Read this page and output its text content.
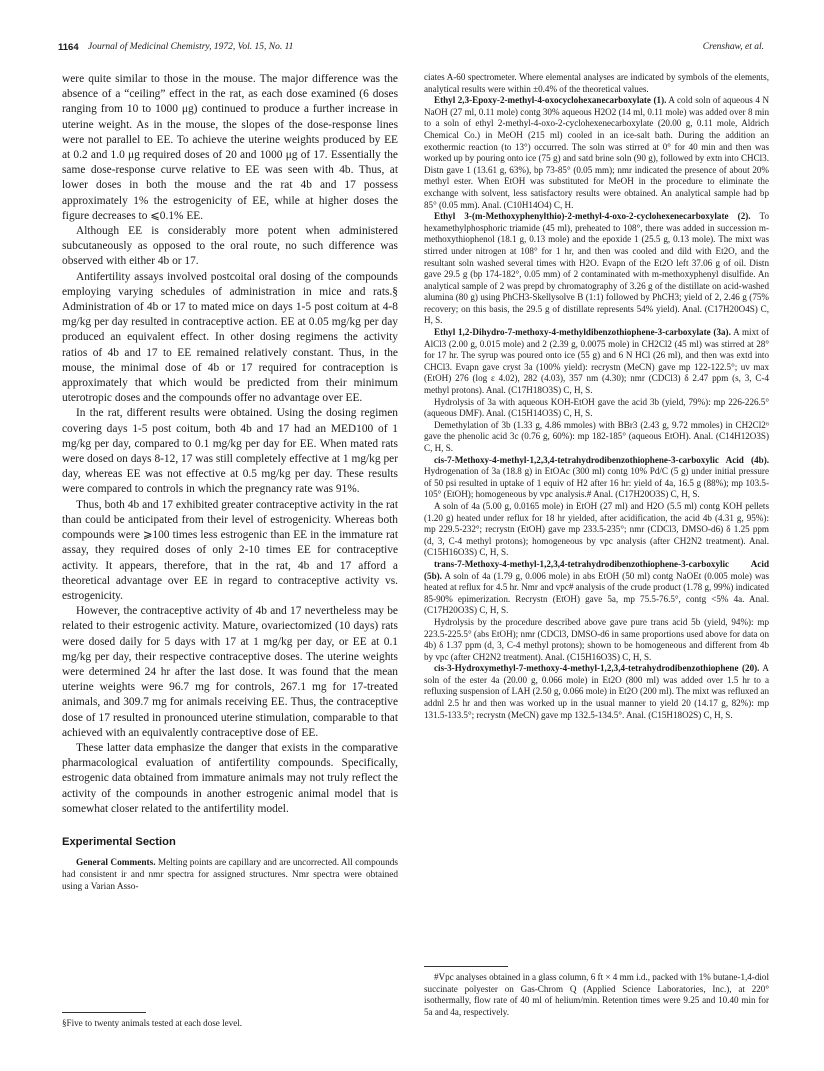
1164 Journal of Medicinal Chemistry, 1972, Vol. 15, No. 11	Crenshaw, et al.

were quite similar to those in the mouse. The major difference was the absence of a “ceiling” effect in the rat, as each dose examined (6 doses ranging from 10 to 1000 μg) continued to produce a further increase in uterine weight. As in the mouse, the slopes of the dose-response lines were not parallel to EE. To achieve the uterine weights produced by EE at 0.2 and 1.0 μg required doses of 20 and 1000 μg of 17. Essentially the same dose-response curve relative to EE was seen with 4b. Thus, at lower doses in both the mouse and the rat 4b and 17 possess approximately 1% the estrogenicity of EE, while at higher doses the figure decreases to ⩽0.1% EE.

Although EE is considerably more potent when administered subcutaneously as opposed to the oral route, no such difference was observed with either 4b or 17.

Antifertility assays involved postcoital oral dosing of the compounds employing varying schedules of administration in mice and rats.§ Administration of 4b or 17 to mated mice on days 1-5 post coitum at 4-8 mg/kg per day resulted in contraceptive action. EE at 0.05 mg/kg per day produced an equivalent effect. In other dosing regimens the activity ratios of 4b and 17 to EE remained relatively constant. Thus, in the mouse, the minimal dose of 4b or 17 required for contraception is approximately that which would be predicted from their minimum uterotropic doses and the compounds offer no advantage over EE.

In the rat, different results were obtained. Using the dosing regimen covering days 1-5 post coitum, both 4b and 17 had an MED100 of 1 mg/kg per day, compared to 0.1 mg/kg per day for EE. When mated rats were dosed on days 8-12, 17 was still completely effective at 1 mg/kg per day, whereas EE was not effective at 0.5 mg/kg per day. These results were compared to controls in which the pregnancy rate was 91%.

Thus, both 4b and 17 exhibited greater contraceptive activity in the rat than could be anticipated from their level of estrogenicity. Whereas both compounds were ⩾100 times less estrogenic than EE in the immature rat assay, they required doses of only 2-10 times EE for contraceptive activity. It appears, therefore, that in the rat, 4b and 17 afford a theoretical advantage over EE in regard to contraceptive activity vs. estrogenicity.

However, the contraceptive activity of 4b and 17 nevertheless may be related to their estrogenic activity. Mature, ovariectomized (10 days) rats were dosed daily for 5 days with 17 at 1 mg/kg per day, or EE at 0.1 mg/kg per day, their respective contraceptive doses. The uterine weights were determined 24 hr after the last dose. It was found that the mean uterine weights were 96.7 mg for controls, 267.1 mg for 17-treated animals, and 309.7 mg for animals receiving EE. Thus, the contraceptive dose of 17 resulted in pronounced uterine stimulation, comparable to that achieved with an equivalently contraceptive dose of EE.

These latter data emphasize the danger that exists in the comparative pharmacological evaluation of antifertility compounds. Specifically, estrogenic data obtained from immature animals may not truly reflect the activity of the compounds in another estrogenic animal model that is somewhat closer related to the antifertility model.

Experimental Section

General Comments. Melting points are capillary and are uncorrected. All compounds had consistent ir and nmr spectra for assigned structures. Nmr spectra were obtained using a Varian Asso-

ciates A-60 spectrometer. Where elemental analyses are indicated by symbols of the elements, analytical results were within ±0.4% of the theoretical values.

Ethyl 2,3-Epoxy-2-methyl-4-oxocyclohexanecarboxylate (1). A cold soln of aqueous 4 N NaOH (27 ml, 0.11 mole) contg 30% aqueous H2O2 (14 ml, 0.11 mole) was added over 8 min to a soln of ethyl 2-methyl-4-oxo-2-cyclohexenecarboxylate (20.00 g, 0.11 mole, Aldrich Chemical Co.) in MeOH (215 ml) cooled in an ice-salt bath. During the addition an exothermic reaction (to 13°) occurred. The soln was stirred at 0° for 40 min and then was worked up by pouring onto ice (75 g) and satd brine soln (90 g), followed by extn into CHCl3. Distn gave 1 (13.61 g, 63%), bp 73-85° (0.05 mm); nmr indicated the presence of about 20% methyl ester. When EtOH was substituted for MeOH in the procedure to eliminate the exchange with solvent, less satisfactory results were obtained. An analytical sample had bp 85° (0.05 mm). Anal. (C10H14O4) C, H.

Ethyl 3-(m-Methoxyphenylthio)-2-methyl-4-oxo-2-cyclohexenecarboxylate (2). To hexamethylphosphoric triamide (45 ml), preheated to 108°, there was added in succession m-methoxythiophenol (18.1 g, 0.13 mole) and the epoxide 1 (25.5 g, 0.13 mole). The mixt was stirred under nitrogen at 108° for 1 hr, and then was cooled and dild with Et2O, and the resultant soln washed several times with H2O. Evapn of the Et2O left 37.06 g of oil. Distn gave 29.5 g (bp 174-182°, 0.05 mm) of 2 contaminated with m-methoxyphenyl disulfide. An analytical sample of 2 was prepd by chromatography of 3.26 g of the distillate on acid-washed alumina (80 g) using PhCH3-Skellysolve B (1:1) followed by PhCH3; yield of 2, 2.46 g (75% recovery; on this basis, the 29.5 g of distillate represents 54% yield). Anal. (C17H20O4S) C, H, S.

Ethyl 1,2-Dihydro-7-methoxy-4-methyldibenzothiophene-3-carboxylate (3a). A mixt of AlCl3 (2.00 g, 0.015 mole) and 2 (2.39 g, 0.0075 mole) in CH2Cl2 (45 ml) was stirred at 28° for 17 hr. The syrup was poured onto ice (55 g) and 6 N HCl (26 ml), and then was extd into CHCl3. Evapn gave cryst 3a (100% yield): recrystn (MeCN) gave mp 122-122.5°; uv max (EtOH) 276 (log ε 4.02), 282 (4.03), 357 nm (4.30); nmr (CDCl3) δ 2.47 ppm (s, 3, C-4 methyl protons). Anal. (C17H18O3S) C, H, S.

Hydrolysis of 3a with aqueous KOH-EtOH gave the acid 3b (yield, 79%): mp 226-226.5° (aqueous DMF). Anal. (C15H14O3S) C, H, S.

Demethylation of 3b (1.33 g, 4.86 mmoles) with BBr3 (2.43 g, 9.72 mmoles) in CH2Cl2⁶ gave the phenolic acid 3c (0.76 g, 60%): mp 182-185° (aqueous EtOH). Anal. (C14H12O3S) C, H, S.

cis-7-Methoxy-4-methyl-1,2,3,4-tetrahydrodibenzothiophene-3-carboxylic Acid (4b). Hydrogenation of 3a (18.8 g) in EtOAc (300 ml) contg 10% Pd/C (5 g) under initial pressure of 50 psi resulted in uptake of 1 equiv of H2 after 16 hr: yield of 4a, 16.5 g (88%); mp 103.5-105° (EtOH); homogeneous by vpc analysis.# Anal. (C17H20O3S) C, H, S.

A soln of 4a (5.00 g, 0.0165 mole) in EtOH (27 ml) and H2O (5.5 ml) contg KOH pellets (1.20 g) heated under reflux for 18 hr yielded, after acidification, the acid 4b (4.31 g, 95%): mp 229.5-232°; recrystn (EtOH) gave mp 233.5-235°; nmr (CDCl3, DMSO-d6) δ 1.25 ppm (d, 3, C-4 methyl protons); homogeneous by vpc analysis (after CH2N2 treatment). Anal. (C15H16O3S) C, H, S.

trans-7-Methoxy-4-methyl-1,2,3,4-tetrahydrodibenzothiophene-3-carboxylic Acid (5b). A soln of 4a (1.79 g, 0.006 mole) in abs EtOH (50 ml) contg NaOEt (0.005 mole) was heated at reflux for 4.5 hr. Nmr and vpc# analysis of the crude product (1.78 g, 99%) indicated 85-90% epimerization. Recrystn (EtOH) gave 5a, mp 75.5-76.5°, contg <5% 4a. Anal. (C17H20O3S) C, H, S.

Hydrolysis by the procedure described above gave pure trans acid 5b (yield, 94%): mp 223.5-225.5° (abs EtOH); nmr (CDCl3, DMSO-d6 in same proportions used above for data on 4b) δ 1.37 ppm (d, 3, C-4 methyl protons); shown to be homogeneous and different from 4b by vpc (after CH2N2 treatment). Anal. (C15H16O3S) C, H, S.

cis-3-Hydroxymethyl-7-methoxy-4-methyl-1,2,3,4-tetrahydrodibenzothiophene (20). A soln of the ester 4a (20.00 g, 0.066 mole) in Et2O (800 ml) was added over 1.5 hr to a refluxing suspension of LAH (2.50 g, 0.066 mole) in Et2O (200 ml). The mixt was refluxed an addnl 2.5 hr and then was worked up in the usual manner to yield 20 (14.17 g, 82%): mp 131.5-133.5°; recrystn (MeCN) gave mp 132.5-134.5°. Anal. (C15H18O2S) C, H, S.

§Five to twenty animals tested at each dose level.

#Vpc analyses obtained in a glass column, 6 ft × 4 mm i.d., packed with 1% butane-1,4-diol succinate polyester on Gas-Chrom Q (Applied Science Laboratories, Inc.), at 220° isothermally, flow rate of 40 ml of helium/min. Retention times were 9.25 and 10.40 min for 5a and 4a, respectively.
